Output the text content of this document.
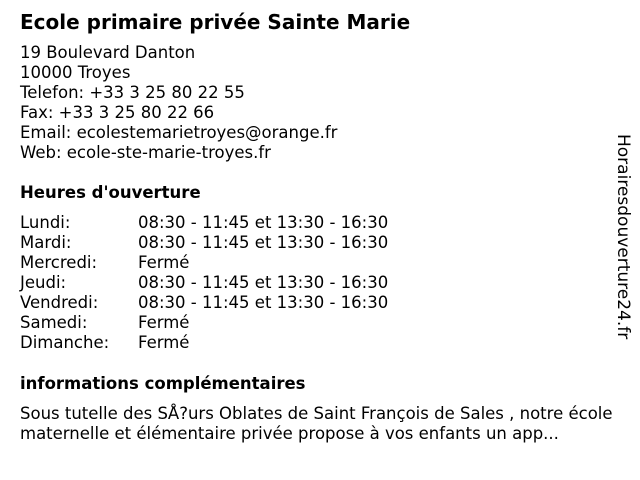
Ecole primaire privée Sainte Marie
19 Boulevard Danton
10000 Troyes
Telefon: +33 3 25 80 22 55
Fax: +33 3 25 80 22 66
Email: ecolestemarietroyes@orange.fr
Web: ecole-ste-marie-troyes.fr
Heures d'ouverture
Lundi:	08:30 - 11:45 et 13:30 - 16:30
Mardi:	08:30 - 11:45 et 13:30 - 16:30
Mercredi:	Fermé
Jeudi:	08:30 - 11:45 et 13:30 - 16:30
Vendredi:	08:30 - 11:45 et 13:30 - 16:30
Samedi:	Fermé
Dimanche:	Fermé
informations complémentaires
Sous tutelle des SÅ?urs Oblates de Saint François de Sales , notre école maternelle et élémentaire privée propose à vos enfants un app...
Horairesdouverture24.fr
